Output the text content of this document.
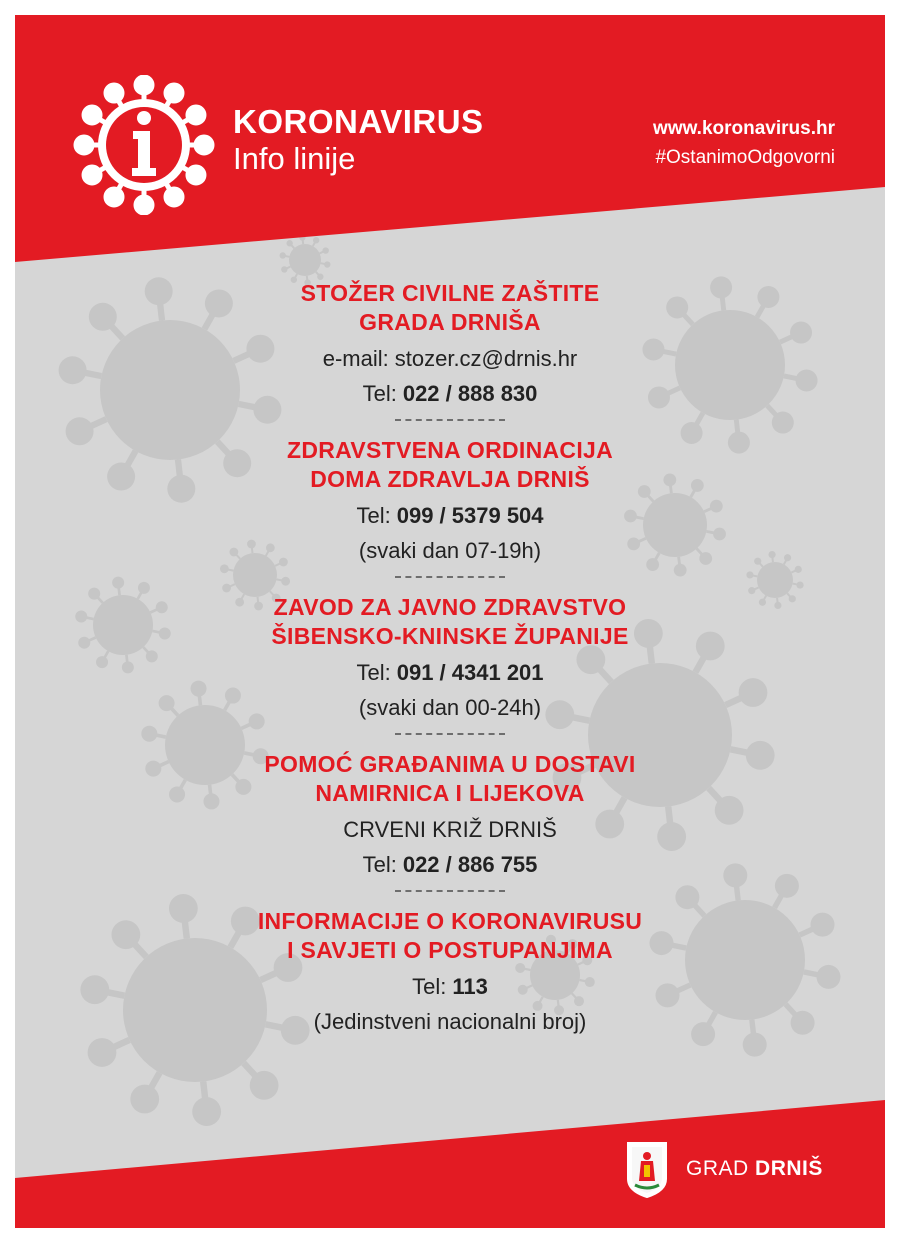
KORONAVIRUS
Info linije
www.koronavirus.hr
#OstanimoOdgovorni
STOŽER CIVILNE ZAŠTITE
GRADA DRNIŠA
e-mail: stozer.cz@drnis.hr
Tel: 022 / 888 830
ZDRAVSTVENA ORDINACIJA
DOMA ZDRAVLJA DRNIŠ
Tel: 099 / 5379 504
(svaki dan 07-19h)
ZAVOD ZA JAVNO ZDRAVSTVO
ŠIBENSKO-KNINSKE ŽUPANIJE
Tel: 091 / 4341 201
(svaki dan 00-24h)
POMOĆ GRAĐANIMA U DOSTAVI
NAMIRNICA I LIJEKOVA
CRVENI KRIŽ DRNIŠ
Tel: 022 / 886 755
INFORMACIJE O KORONAVIRUSU
I SAVJETI O POSTUPANJIMA
Tel: 113
(Jedinstveni nacionalni broj)
GRAD DRNIŠ
